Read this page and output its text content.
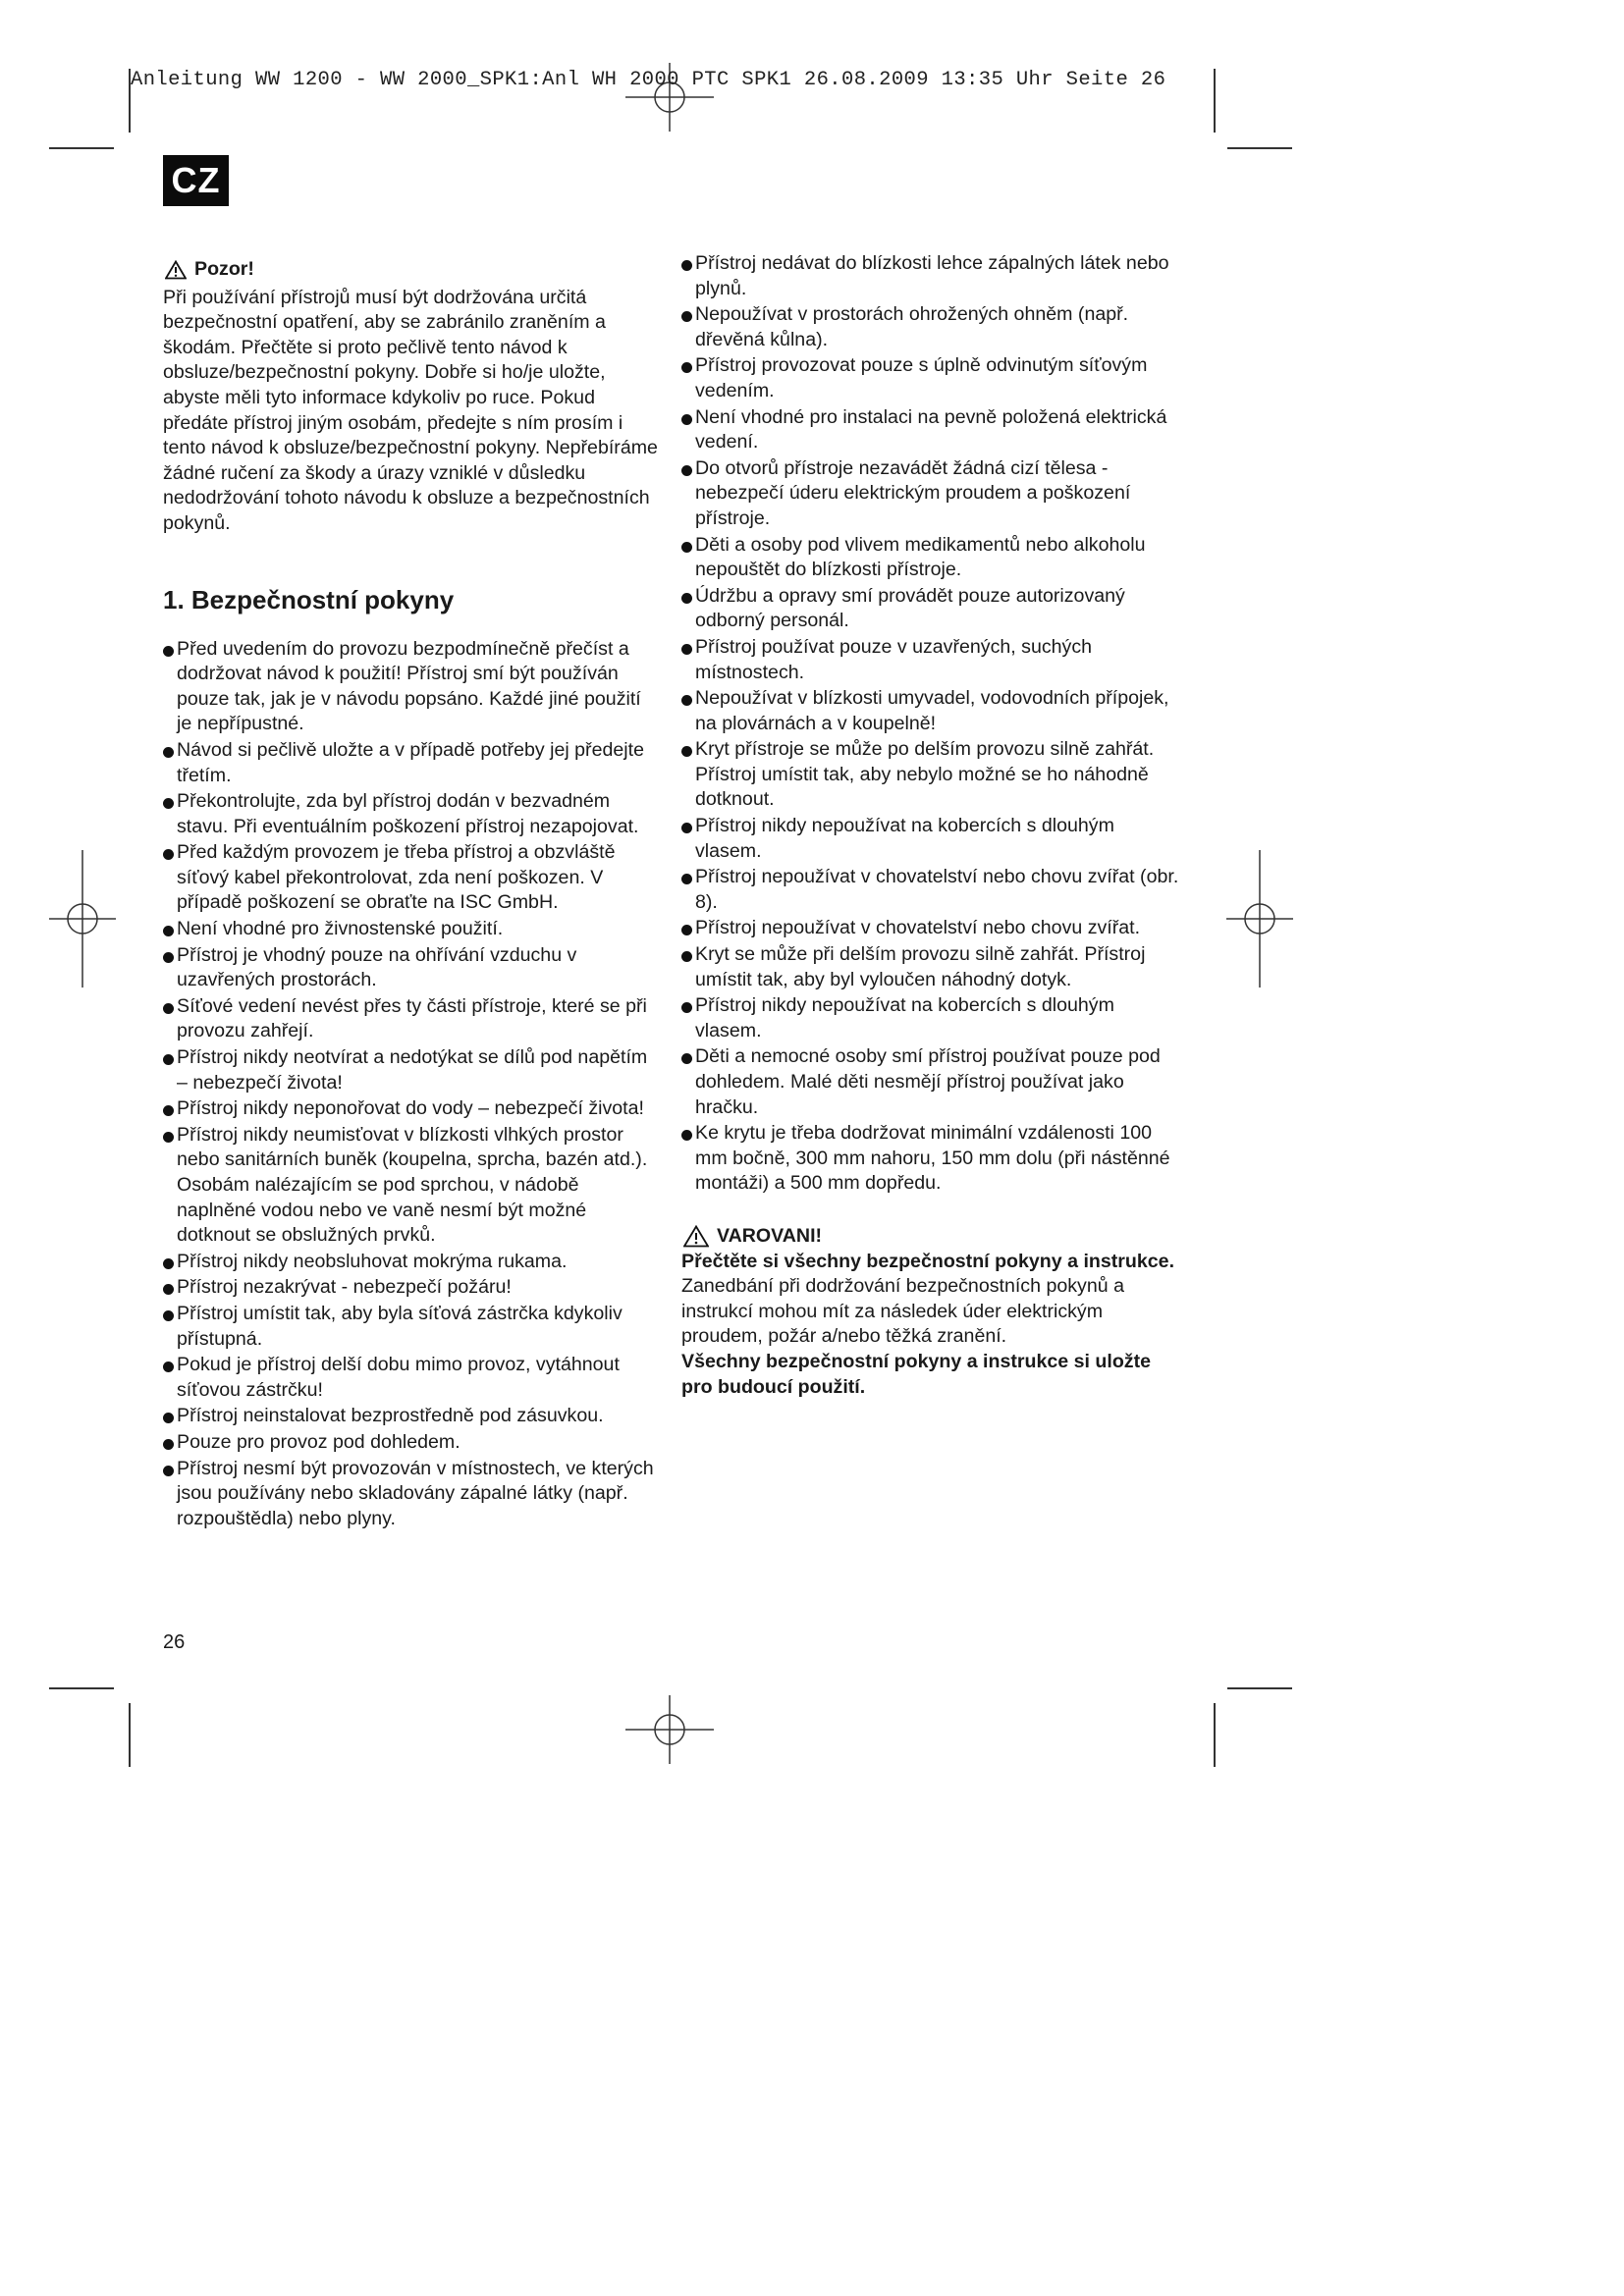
Anleitung WW 1200 - WW 2000_SPK1:Anl WH 2000 PTC SPK1 26.08.2009 13:35 Uhr Seite 26
CZ
Pozor!

Při používání přístrojů musí být dodržována určitá bezpečnostní opatření, aby se zabránilo zraněním a škodám. Přečtěte si proto pečlivě tento návod k obsluze/bezpečnostní pokyny. Dobře si ho/je uložte, abyste měli tyto informace kdykoliv po ruce. Pokud předáte přístroj jiným osobám, předejte s ním prosím i tento návod k obsluze/bezpečnostní pokyny. Nepřebíráme žádné ručení za škody a úrazy vzniklé v důsledku nedodržování tohoto návodu k obsluze a bezpečnostních pokynů.

1. Bezpečnostní pokyny
Před uvedením do provozu bezpodmínečně přečíst a dodržovat návod k použití! Přístroj smí být používán pouze tak, jak je v návodu popsáno. Každé jiné použití je nepřípustné.
Návod si pečlivě uložte a v případě potřeby jej předejte třetím.
Překontrolujte, zda byl přístroj dodán v bezvadném stavu. Při eventuálním poškození přístroj nezapojovat.
Před každým provozem je třeba přístroj a obzvláště síťový kabel překontrolovat, zda není poškozen. V případě poškození se obraťte na ISC GmbH.
Není vhodné pro živnostenské použití.
Přístroj je vhodný pouze na ohřívání vzduchu v uzavřených prostorách.
Síťové vedení nevést přes ty části přístroje, které se při provozu zahřejí.
Přístroj nikdy neotvírat a nedotýkat se dílů pod napětím – nebezpečí života!
Přístroj nikdy neponořovat do vody – nebezpečí života!
Přístroj nikdy neumisťovat v blízkosti vlhkých prostor nebo sanitárních buněk (koupelna, sprcha, bazén atd.). Osobám nalézajícím se pod sprchou, v nádobě naplněné vodou nebo ve vaně nesmí být možné dotknout se obslužných prvků.
Přístroj nikdy neobsluhovat mokrýma rukama.
Přístroj nezakrývat - nebezpečí požáru!
Přístroj umístit tak, aby byla síťová zástrčka kdykoliv přístupná.
Pokud je přístroj delší dobu mimo provoz, vytáhnout síťovou zástrčku!
Přístroj neinstalovat bezprostředně pod zásuvkou.
Pouze pro provoz pod dohledem.
Přístroj nesmí být provozován v místnostech, ve kterých jsou používány nebo skladovány zápalné látky (např. rozpouštědla) nebo plyny.
Přístroj nedávat do blízkosti lehce zápalných látek nebo plynů.
Nepoužívat v prostorách ohrožených ohněm (např. dřevěná kůlna).
Přístroj provozovat pouze s úplně odvinutým síťovým vedením.
Není vhodné pro instalaci na pevně položená elektrická vedení.
Do otvorů přístroje nezavádět žádná cizí tělesa - nebezpečí úderu elektrickým proudem a poškození přístroje.
Děti a osoby pod vlivem medikamentů nebo alkoholu nepouštět do blízkosti přístroje.
Údržbu a opravy smí provádět pouze autorizovaný odborný personál.
Přístroj používat pouze v uzavřených, suchých místnostech.
Nepoužívat v blízkosti umyvadel, vodovodních přípojek, na plovárnách a v koupelně!
Kryt přístroje se může po delším provozu silně zahřát. Přístroj umístit tak, aby nebylo možné se ho náhodně dotknout.
Přístroj nikdy nepoužívat na kobercích s dlouhým vlasem.
Přístroj nepoužívat v chovatelství nebo chovu zvířat (obr. 8).
Přístroj nepoužívat v chovatelství nebo chovu zvířat.
Kryt se může při delším provozu silně zahřát. Přístroj umístit tak, aby byl vyloučen náhodný dotyk.
Přístroj nikdy nepoužívat na kobercích s dlouhým vlasem.
Děti a nemocné osoby smí přístroj používat pouze pod dohledem. Malé děti nesmějí přístroj používat jako hračku.
Ke krytu je třeba dodržovat minimální vzdálenosti 100 mm bočně, 300 mm nahoru, 150 mm dolu (při nástěnné montáži) a 500 mm dopředu.
VAROVANI!

Přečtěte si všechny bezpečnostní pokyny a instrukce.

Zanedbání při dodržování bezpečnostních pokynů a instrukcí mohou mít za následek úder elektrickým proudem, požár a/nebo těžká zranění.

Všechny bezpečnostní pokyny a instrukce si uložte pro budoucí použití.

26
